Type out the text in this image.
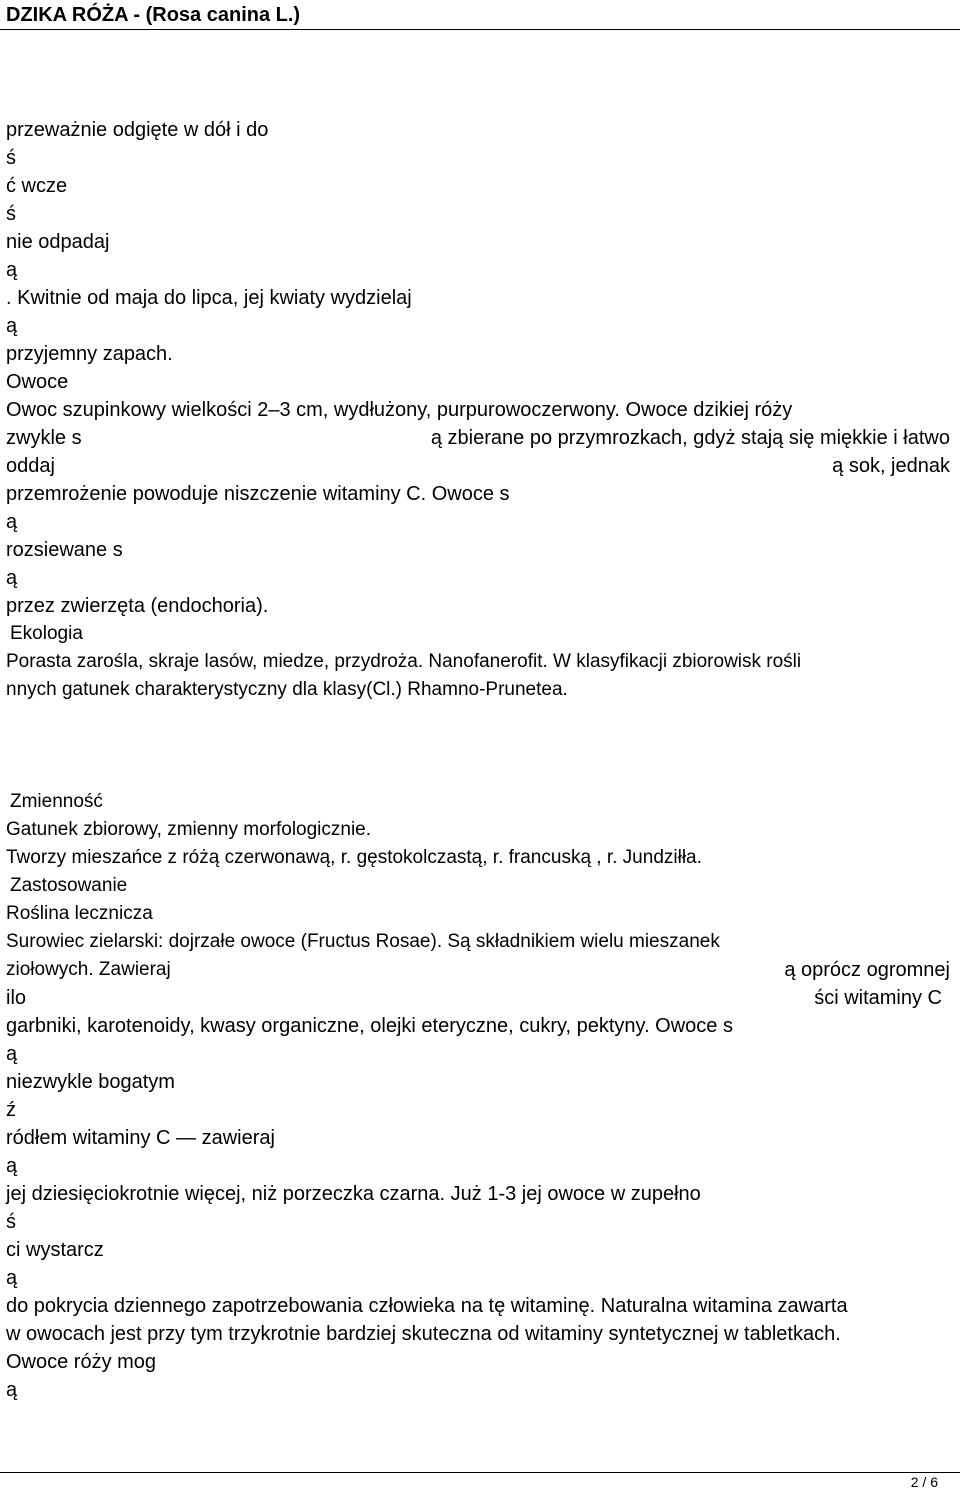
DZIKA RÓŻA - (Rosa canina L.)
przeważnie odgięte w dół i do
ś
ć wcze
ś
nie odpadaj
ą
. Kwitnie od maja do lipca, jej kwiaty wydzielaj
ą
przyjemny zapach.
Owoce
Owoc szupinkowy wielkości 2–3 cm, wydłużony, purpurowoczerwony. Owoce dzikiej róży
zwykle s	ą zbierane po przymrozkach, gdyż stają się miękkie i łatwo
oddaj	ą sok, jednak
przemrożenie powoduje niszczenie witaminy C. Owoce s
ą
rozsiewane s
ą
przez zwierzęta (endochoria).
Ekologia
Porasta zarośla, skraje lasów, miedze, przydroża. Nanofanerofit. W klasyfikacji zbiorowisk rośli
nnych gatunek charakterystyczny dla klasy(Cl.) Rhamno-Prunetea.
Zmienność
Gatunek zbiorowy, zmienny morfologicznie.
Tworzy mieszańce z różą czerwonawą, r. gęstokolczastą, r. francuską , r. Jundziłła.
Zastosowanie
Roślina lecznicza
Surowiec zielarski: dojrzałe owoce (Fructus Rosae). Są składnikiem wielu mieszanek
ziołowych. Zawieraj	ą oprócz ogromnej
ilo	ści witaminy C
garbniki, karotenoidy, kwasy organiczne, olejki eteryczne, cukry, pektyny. Owoce s
ą
niezwykle bogatym
ź
ródłem witaminy C — zawieraj
ą
jej dziesięciokrotnie więcej, niż porzeczka czarna. Już 1-3 jej owoce w zupełno
ś
ci wystarcz
ą
do pokrycia dziennego zapotrzebowania człowieka na tę witaminę. Naturalna witamina zawarta
w owocach jest przy tym trzykrotnie bardziej skuteczna od witaminy syntetycznej w tabletkach.
Owoce róży mog
ą
2 / 6
